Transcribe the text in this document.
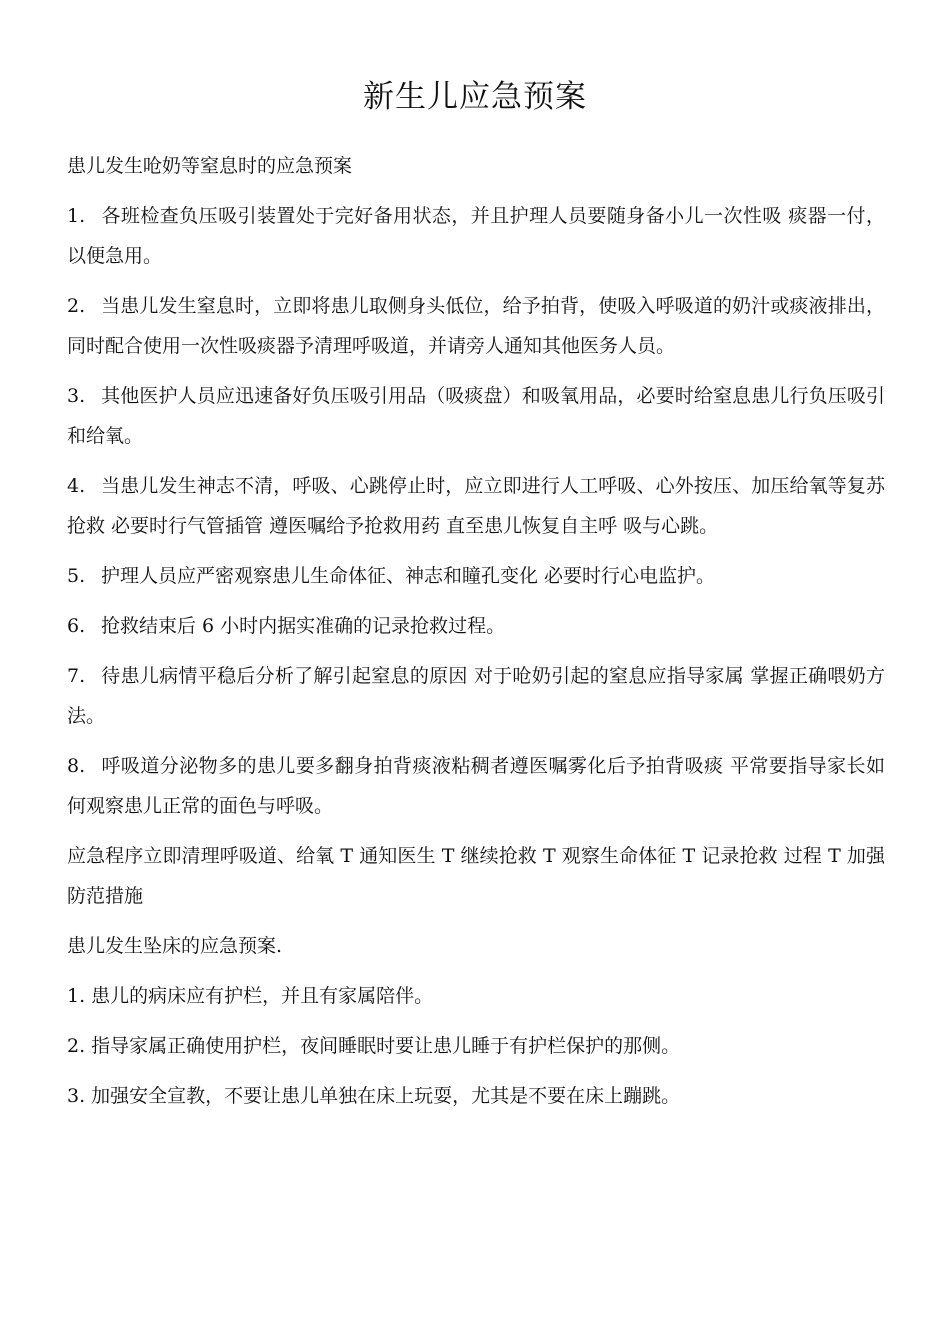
新生儿应急预案

患儿发生呛奶等窒息时的应急预案

1. 各班检查负压吸引装置处于完好备用状态，并且护理人员要随身备小儿一次性吸 痰器一付，以便急用。

2. 当患儿发生窒息时，立即将患儿取侧身头低位，给予拍背，使吸入呼吸道的奶汁或痰液排出，同时配合使用一次性吸痰器予清理呼吸道，并请旁人通知其他医务人员。

3. 其他医护人员应迅速备好负压吸引用品（吸痰盘）和吸氧用品，必要时给窒息患儿行负压吸引和给氧。

4. 当患儿发生神志不清，呼吸、心跳停止时，应立即进行人工呼吸、心外按压、加压给氧等复苏抢救 必要时行气管插管 遵医嘱给予抢救用药 直至患儿恢复自主呼 吸与心跳。

5. 护理人员应严密观察患儿生命体征、神志和瞳孔变化 必要时行心电监护。

6. 抢救结束后 6 小时内据实准确的记录抢救过程。

7. 待患儿病情平稳后分析了解引起窒息的原因 对于呛奶引起的窒息应指导家属 掌握正确喂奶方法。

8. 呼吸道分泌物多的患儿要多翻身拍背痰液粘稠者遵医嘱雾化后予拍背吸痰 平常要指导家长如何观察患儿正常的面色与呼吸。

应急程序立即清理呼吸道、给氧 T 通知医生 T 继续抢救 T 观察生命体征 T 记录抢救 过程 T 加强防范措施

患儿发生坠床的应急预案.

1. 患儿的病床应有护栏，并且有家属陪伴。

2. 指导家属正确使用护栏，夜间睡眠时要让患儿睡于有护栏保护的那侧。

3. 加强安全宣教，不要让患儿单独在床上玩耍，尤其是不要在床上蹦跳。
